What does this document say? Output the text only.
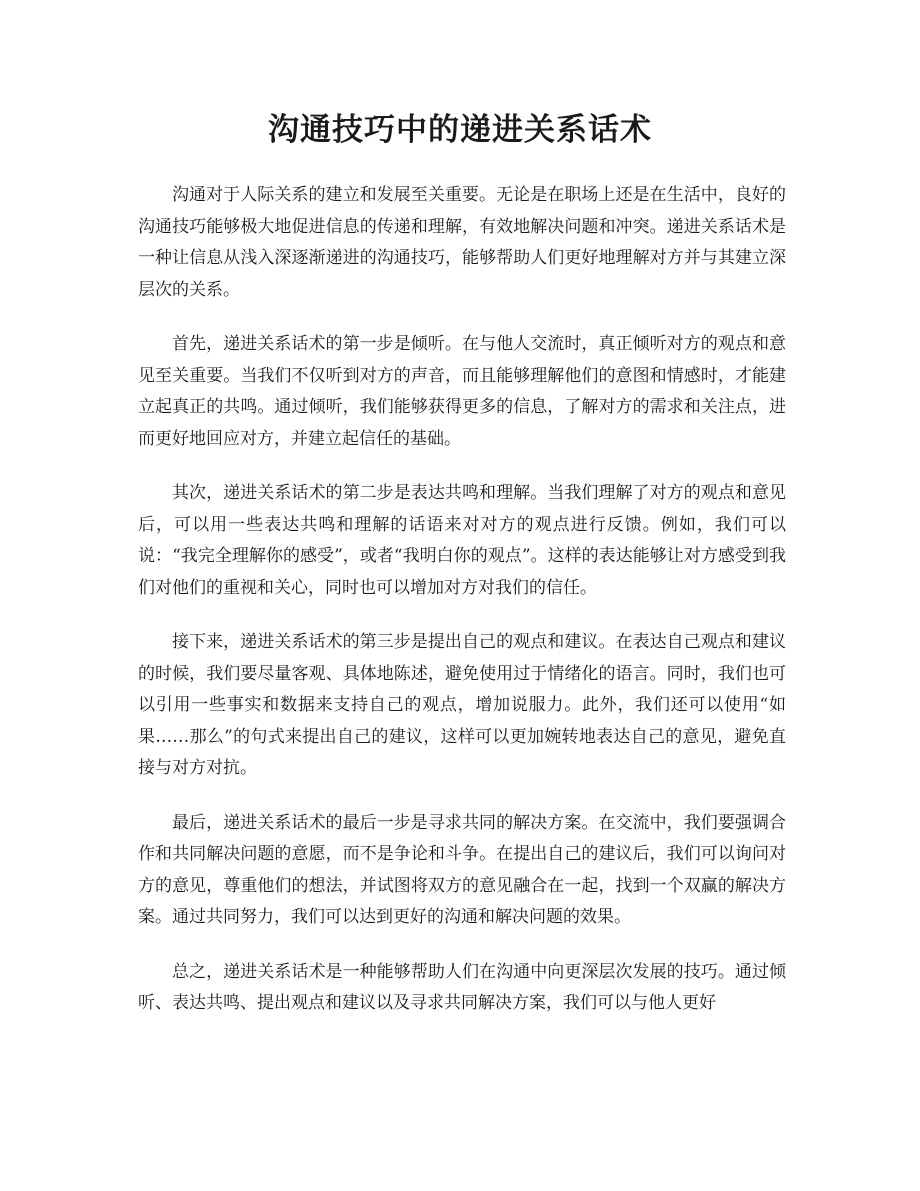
沟通技巧中的递进关系话术

沟通对于人际关系的建立和发展至关重要。无论是在职场上还是在生活中，良好的沟通技巧能够极大地促进信息的传递和理解，有效地解决问题和冲突。递进关系话术是一种让信息从浅入深逐渐递进的沟通技巧，能够帮助人们更好地理解对方并与其建立深层次的关系。

首先，递进关系话术的第一步是倾听。在与他人交流时，真正倾听对方的观点和意见至关重要。当我们不仅听到对方的声音，而且能够理解他们的意图和情感时，才能建立起真正的共鸣。通过倾听，我们能够获得更多的信息，了解对方的需求和关注点，进而更好地回应对方，并建立起信任的基础。

其次，递进关系话术的第二步是表达共鸣和理解。当我们理解了对方的观点和意见后，可以用一些表达共鸣和理解的话语来对对方的观点进行反馈。例如，我们可以说：“我完全理解你的感受”，或者“我明白你的观点”。这样的表达能够让对方感受到我们对他们的重视和关心，同时也可以增加对方对我们的信任。

接下来，递进关系话术的第三步是提出自己的观点和建议。在表达自己观点和建议的时候，我们要尽量客观、具体地陈述，避免使用过于情绪化的语言。同时，我们也可以引用一些事实和数据来支持自己的观点，增加说服力。此外，我们还可以使用“如果……那么”的句式来提出自己的建议，这样可以更加婉转地表达自己的意见，避免直接与对方对抗。

最后，递进关系话术的最后一步是寻求共同的解决方案。在交流中，我们要强调合作和共同解决问题的意愿，而不是争论和斗争。在提出自己的建议后，我们可以询问对方的意见，尊重他们的想法，并试图将双方的意见融合在一起，找到一个双赢的解决方案。通过共同努力，我们可以达到更好的沟通和解决问题的效果。

总之，递进关系话术是一种能够帮助人们在沟通中向更深层次发展的技巧。通过倾听、表达共鸣、提出观点和建议以及寻求共同解决方案，我们可以与他人更好
